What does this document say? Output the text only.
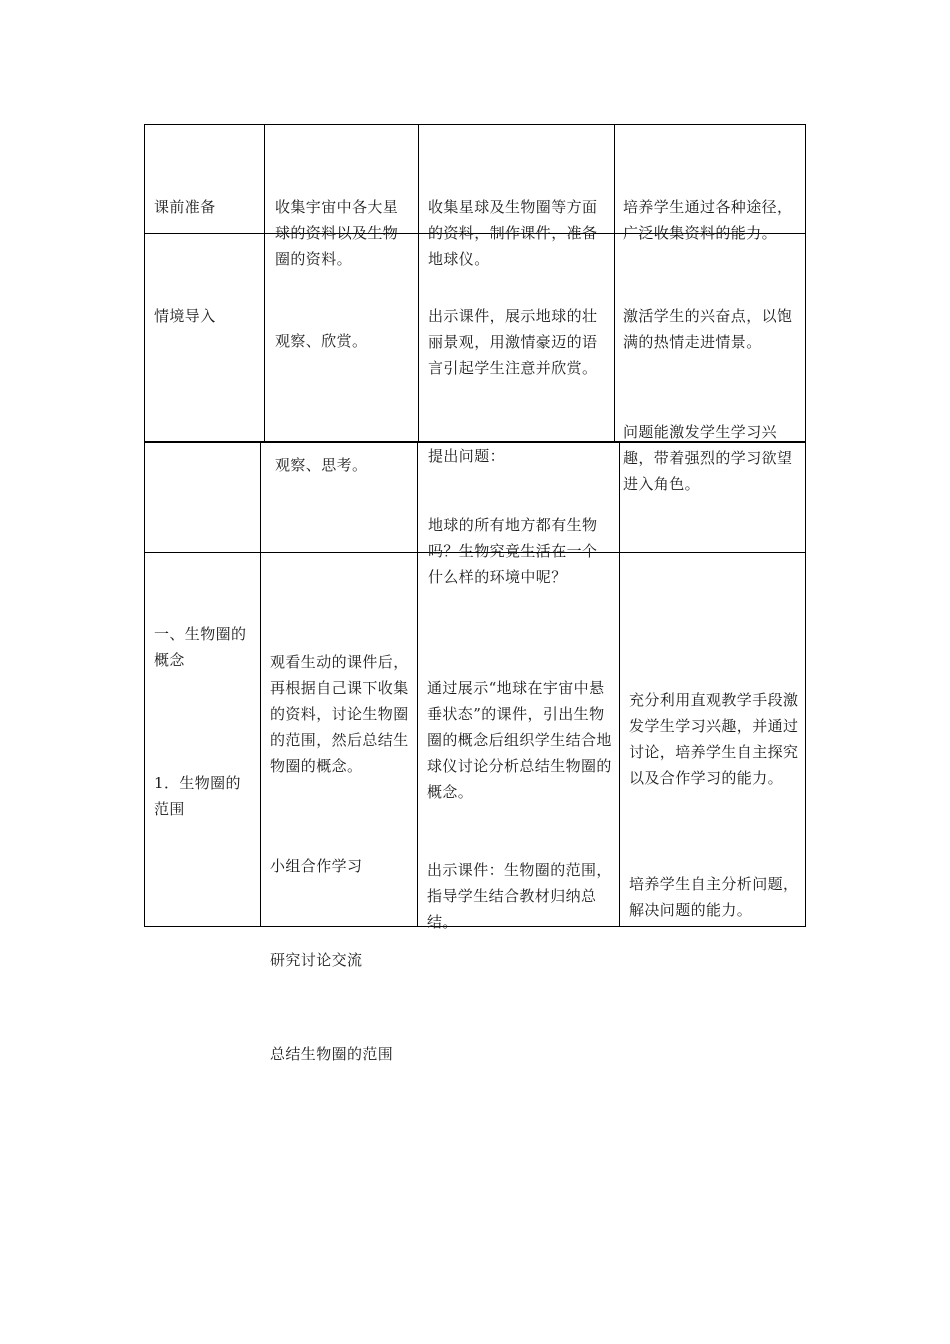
课前准备

	收集宇宙中各大星球的资料以及生物圈的资料。

收集星球及生物圈等方面的资料，制作课件，准备地球仪。

培养学生通过各种途径，广泛收集资料的能力。

情境导入

观察、欣赏。

观察、思考。

出示课件，展示地球的壮丽景观，用激情豪迈的语言引起学生注意并欣赏。

提出问题：

激活学生的兴奋点，以饱满的热情走进情景。

问题能激发学生学习兴趣，带着强烈的学习欲望进入角色。

地球的所有地方都有生物吗？生物究竟生活在一个什么样的环境中呢？

一、生物圈的概念

1．生物圈的范围

观看生动的课件后，再根据自己课下收集的资料，讨论生物圈的范围，然后总结生物圈的概念。

小组合作学习

研究讨论交流

总结生物圈的范围

通过展示“地球在宇宙中悬垂状态”的课件，引出生物圈的概念后组织学生结合地球仪讨论分析总结生物圈的概念。

出示课件：生物圈的范围，指导学生结合教材归纳总结。

充分利用直观教学手段激发学生学习兴趣，并通过讨论，培养学生自主探究以及合作学习的能力。

培养学生自主分析问题，解决问题的能力。
